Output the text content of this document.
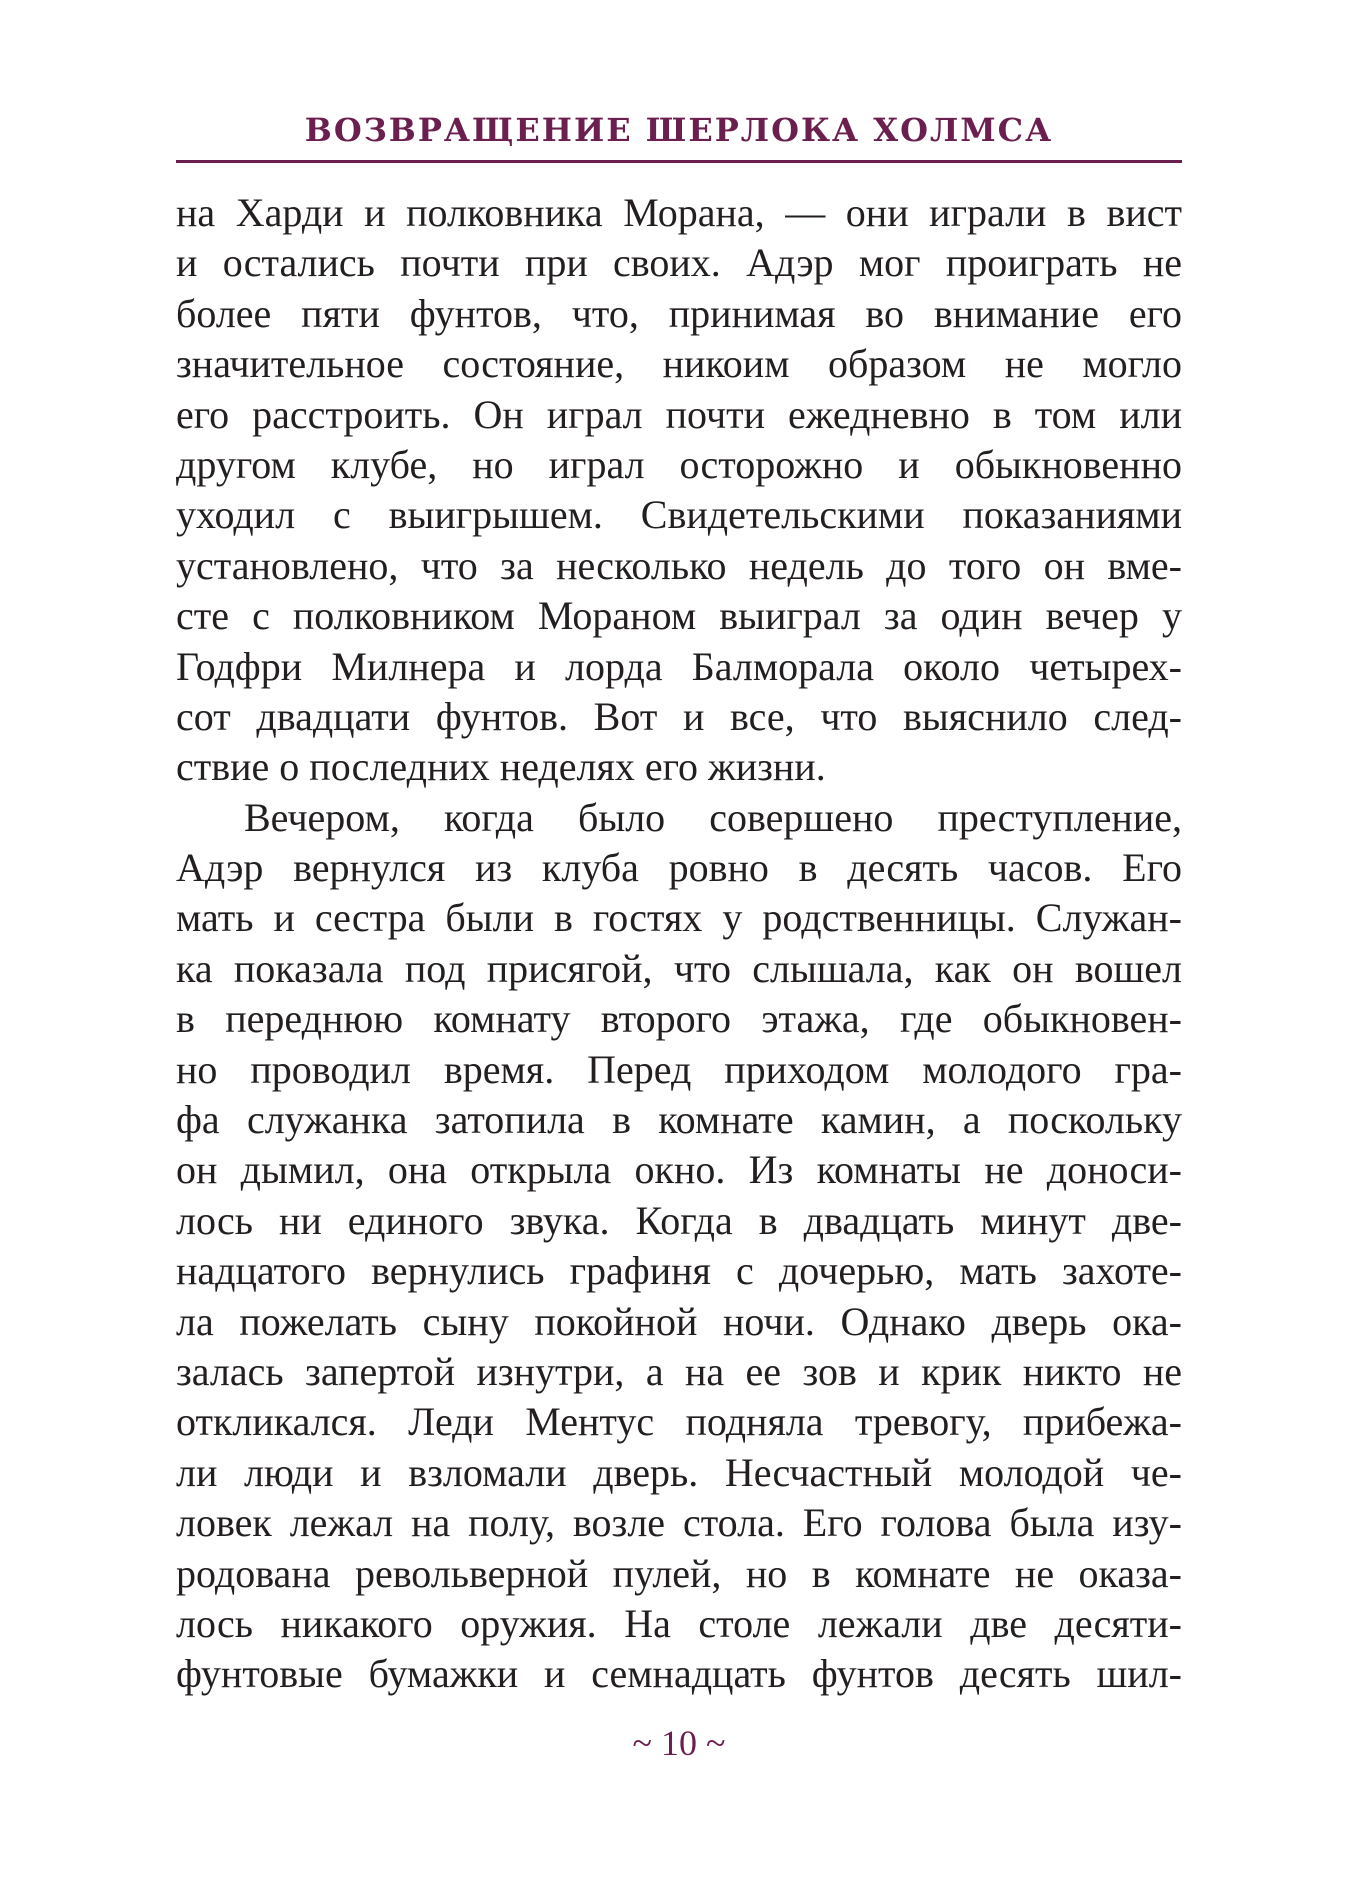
ВОЗВРАЩЕНИЕ ШЕРЛОКА ХОЛМСА
на Харди и полковника Морана, — они играли в вист
и остались почти при своих. Адэр мог проиграть не
более пяти фунтов, что, принимая во внимание его
значительное состояние, никоим образом не могло
его расстроить. Он играл почти ежедневно в том или
другом клубе, но играл осторожно и обыкновенно
уходил с выигрышем. Свидетельскими показаниями
установлено, что за несколько недель до того он вме-
сте с полковником Мораном выиграл за один вечер у
Годфри Милнера и лорда Балморала около четырех-
сот двадцати фунтов. Вот и все, что выяснило след-
ствие о последних неделях его жизни.
Вечером, когда было совершено преступление,
Адэр вернулся из клуба ровно в десять часов. Его
мать и сестра были в гостях у родственницы. Служан-
ка показала под присягой, что слышала, как он вошел
в переднюю комнату второго этажа, где обыкновен-
но проводил время. Перед приходом молодого гра-
фа служанка затопила в комнате камин, а поскольку
он дымил, она открыла окно. Из комнаты не доноси-
лось ни единого звука. Когда в двадцать минут две-
надцатого вернулись графиня с дочерью, мать захоте-
ла пожелать сыну покойной ночи. Однако дверь ока-
залась запертой изнутри, а на ее зов и крик никто не
откликался. Леди Ментус подняла тревогу, прибежа-
ли люди и взломали дверь. Несчастный молодой че-
ловек лежал на полу, возле стола. Его голова была изу-
родована револьверной пулей, но в комнате не оказа-
лось никакого оружия. На столе лежали две десяти-
фунтовые бумажки и семнадцать фунтов десять шил-
~ 10 ~
